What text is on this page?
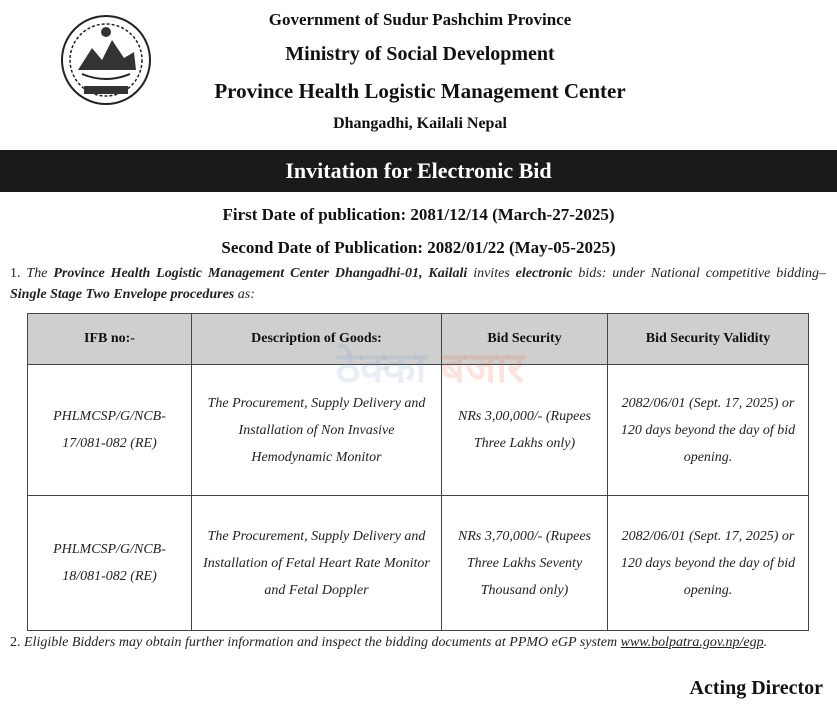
Government of Sudur Pashchim Province
Ministry of Social Development
Province Health Logistic Management Center
Dhangadhi, Kailali Nepal
Invitation for Electronic Bid
First Date of publication: 2081/12/14 (March-27-2025)
Second Date of Publication: 2082/01/22 (May-05-2025)
1. The Province Health Logistic Management Center Dhangadhi-01, Kailali invites electronic bids: under National competitive bidding– Single Stage Two Envelope procedures as:
IFB no:-	Description of Goods:	Bid Security	Bid Security Validity
PHLMCSP/G/NCB-17/081-082 (RE)	The Procurement, Supply Delivery and Installation of Non Invasive Hemodynamic Monitor	NRs 3,00,000/- (Rupees Three Lakhs only)	2082/06/01 (Sept. 17, 2025) or 120 days beyond the day of bid opening.
PHLMCSP/G/NCB-18/081-082 (RE)	The Procurement, Supply Delivery and Installation of Fetal Heart Rate Monitor and Fetal Doppler	NRs 3,70,000/- (Rupees Three Lakhs Seventy Thousand only)	2082/06/01 (Sept. 17, 2025) or 120 days beyond the day of bid opening.
ठेक्का बजार
2. Eligible Bidders may obtain further information and inspect the bidding documents at PPMO eGP system www.bolpatra.gov.np/egp.
Acting Director
